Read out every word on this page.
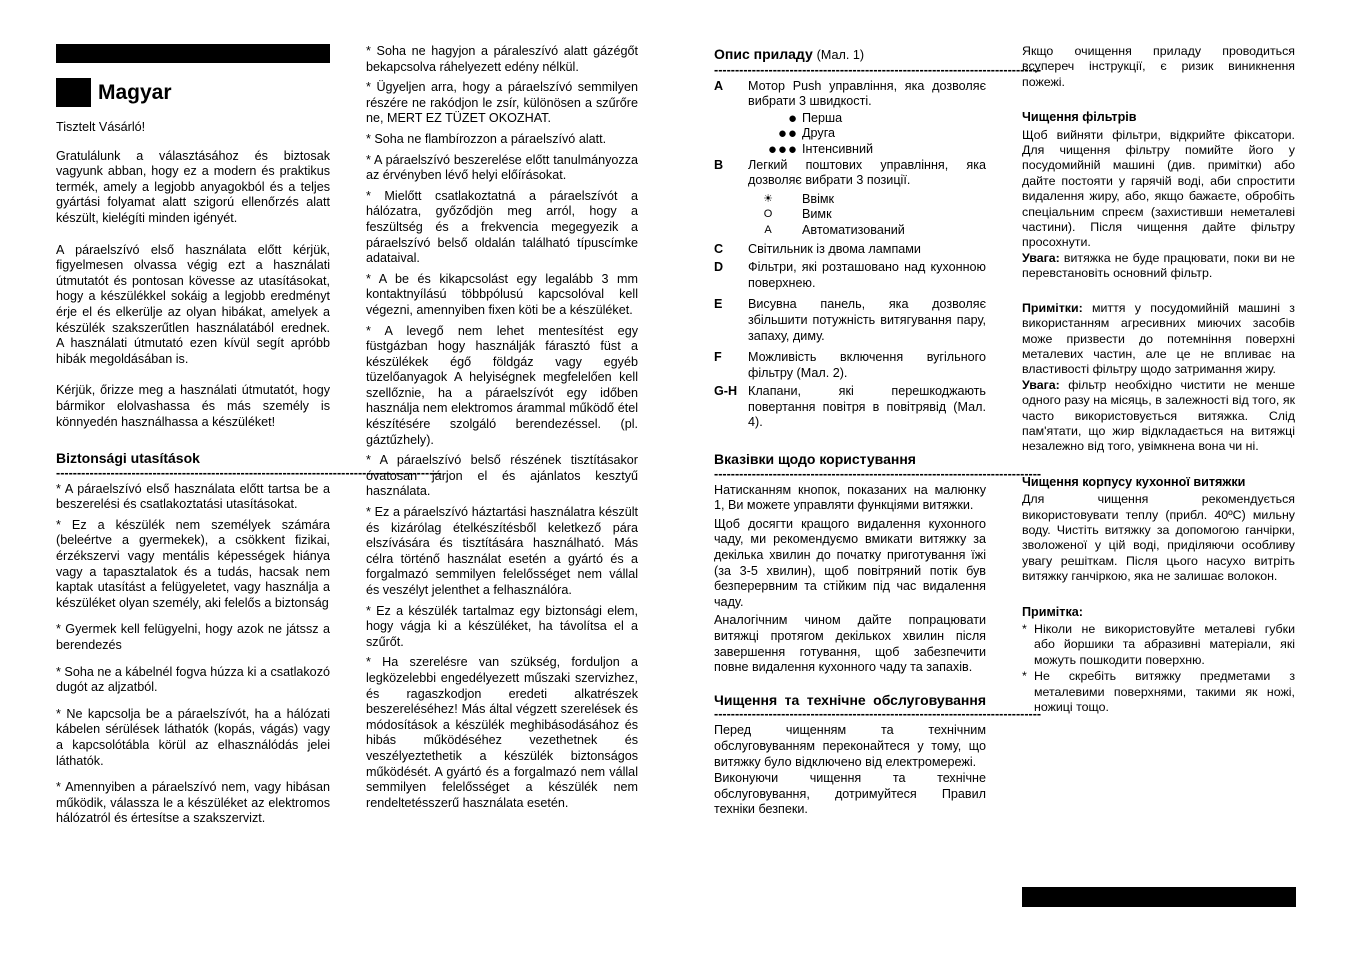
Magyar

Tisztelt Vásárló!

Gratulálunk a választásához és biztosak vagyunk abban, hogy ez a modern és praktikus termék, amely a legjobb anyagokból és a teljes gyártási folyamat alatt szigorú ellenőrzés alatt készült, kielégíti minden igényét.

A páraelszívó első használata előtt kérjük, figyelmesen olvassa végig ezt a használati útmutatót és pontosan kövesse az utasításokat, hogy a készülékkel sokáig a legjobb eredményt érje el és elkerülje az olyan hibákat, amelyek a készülék szakszerűtlen használatából erednek. A használati útmutató ezen kívül segít apróbb hibák megoldásában is.

Kérjük, őrizze meg a használati útmutatót, hogy bármikor elolvashassa és más személy is könnyedén használhassa a készüléket!

Biztonsági utasítások
--------------------------------------------------------------------------------------------

* A páraelszívó első használata előtt tartsa be a beszerelési és csatlakoztatási utasításokat.

* Ez a készülék nem személyek számára (beleértve a gyermekek), a csökkent fizikai, érzékszervi vagy mentális képességek hiánya vagy a tapasztalatok és a tudás, hacsak nem kaptak utasítást a felügyeletet, vagy használja a készüléket olyan személy, aki felelős a biztonság

* Gyermek kell felügyelni, hogy azok ne játssz a berendezés

* Soha ne a kábelnél fogva húzza ki a csatlakozó dugót az aljzatból.

* Ne kapcsolja be a páraelszívót, ha a hálózati kábelen sérülések láthatók (kopás, vágás) vagy a kapcsolótábla körül az elhasználódás jelei láthatók.

* Amennyiben a páraelszívó nem, vagy hibásan működik, válassza le a készüléket az elektromos hálózatról és értesítse a szakszervizt.

* Soha ne hagyjon a páraleszívó alatt gázégőt bekapcsolva ráhelyezett edény nélkül.

* Ügyeljen arra, hogy a páraelszívó semmilyen részére ne rakódjon le zsír, különösen a szűrőre ne, MERT EZ TÜZET OKOZHAT.

* Soha ne flambírozzon a páraelszívó alatt.

* A páraelszívó beszerelése előtt tanulmányozza az érvényben lévő helyi előírásokat.

* Mielőtt csatlakoztatná a páraelszívót a hálózatra, győződjön meg arról, hogy a feszültség és a frekvencia megegyezik a páraelszívó belső oldalán található típuscímke adataival.

* A be és kikapcsolást egy legalább 3 mm kontaktnyílású többpólusú kapcsolóval kell végezni, amennyiben fixen köti be a készüléket.

* A levegő nem lehet mentesítést egy füstgázban hogy használják fárasztó füst a készülékek égő földgáz vagy egyéb tüzelőanyagok A helyiségnek megfelelően kell szellőznie, ha a páraelszívót egy időben használja nem elektromos árammal működő étel készítésére szolgáló berendezéssel. (pl. gáztűzhely).

* A páraelszívó belső részének tisztításakor óvatosan járjon el és ajánlatos kesztyű használata.

* Ez a páraelszívó háztartási használatra készült és kizárólag ételkészítésből keletkező pára elszívására és tisztítására használható. Más célra történő használat esetén a gyártó és a forgalmazó semmilyen felelősséget nem vállal és veszélyt jelenthet a felhasználóra.

* Ez a készülék tartalmaz egy biztonsági elem, hogy vágja ki a készüléket, ha távolítsa el a szűrőt.

* Ha szerelésre van szükség, forduljon a legközelebbi engedélyezett műszaki szervizhez, és ragaszkodjon eredeti alkatrészek beszereléséhez! Más által végzett szerelések és módosítások a készülék meghibásodásához és hibás működéséhez vezethetnek és veszélyeztethetik a készülék biztonságos működését. A gyártó és a forgalmazó nem vállal semmilyen felelősséget a készülék nem rendeltetésszerű használata esetén.

Опис приладу (Мал. 1)
------------------------------------------------------------------------------
A	Мотор Push управління, яка дозволяє вибрати 3 швидкості.
● Перша
●● Друга
●●● Інтенсивний
B	Легкий поштових управління, яка дозволяє вибрати 3 позиції.
☀	Ввімк
O	Вимк
A	Автоматизований
C	Світильник із двома лампами
D	Фільтри, які розташовано над кухонною поверхнею.
E	Висувна панель, яка дозволяє збільшити потужність витягування пару, запаху, диму.
F	Можливість включення вугільного фільтру (Мал. 2).
G-H Клапани, які перешкоджають повертання повітря в повітрявід (Мал. 4).
Вказівки щодо користування
------------------------------------------------------------------------------

Натисканням кнопок, показаних на малюнку 1, Ви можете управляти функціями витяжки.

Щоб досягти кращого видалення кухонного чаду, ми рекомендуємо вмикати витяжку за декілька хвилин до початку приготування їжі (за 3-5 хвилин), щоб повітряний потік був безперервним та стійким під час видалення чаду.

Аналогічним чином дайте попрацювати витяжці протягом декількох хвилин після завершення готування, щоб забезпечити повне видалення кухонного чаду та запахів.

Чищення та технічне обслуговування
------------------------------------------------------------------------------

Перед чищенням та технічним обслуговуванням переконайтеся у тому, що витяжку було відключено від електромережі.

Виконуючи чищення та технічне обслуговування, дотримуйтеся Правил техніки безпеки.

Якщо очищення приладу проводиться всупереч інструкції, є ризик виникнення пожежі.

Чищення фільтрів

Щоб вийняти фільтри, відкрийте фіксатори. Для чищення фільтру помийте його у посудомийній машині (див. примітки) або дайте постояти у гарячій воді, аби спростити видалення жиру, або, якщо бажаєте, обробіть спеціальним спреєм (захистивши неметалеві частини). Після чищення дайте фільтру просохнути.

Увага: витяжка не буде працювати, поки ви не перевстановіть основний фільтр.

Примітки: миття у посудомийній машині з використанням агресивних миючих засобів може призвести до потемніння поверхні металевих частин, але це не впливає на властивості фільтру щодо затримання жиру.

Увага: фільтр необхідно чистити не менше одного разу на місяць, в залежності від того, як часто використовується витяжка. Слід пам'ятати, що жир відкладається на витяжці незалежно від того, увімкнена вона чи ні.

Чищення корпусу кухонної витяжки

Для чищення рекомендується використовувати теплу (прибл. 40ºC) мильну воду. Чистіть витяжку за допомогою ганчірки, зволоженої у цій воді, приділяючи особливу увагу решіткам. Після цього насухо витріть витяжку ганчіркою, яка не залишає волокон.

Примітка:
* Ніколи не використовуйте металеві губки або йоршики та абразивні матеріали, які можуть пошкодити поверхню.
* Не скребіть витяжку предметами з металевими поверхнями, такими як ножі, ножиці тощо.
